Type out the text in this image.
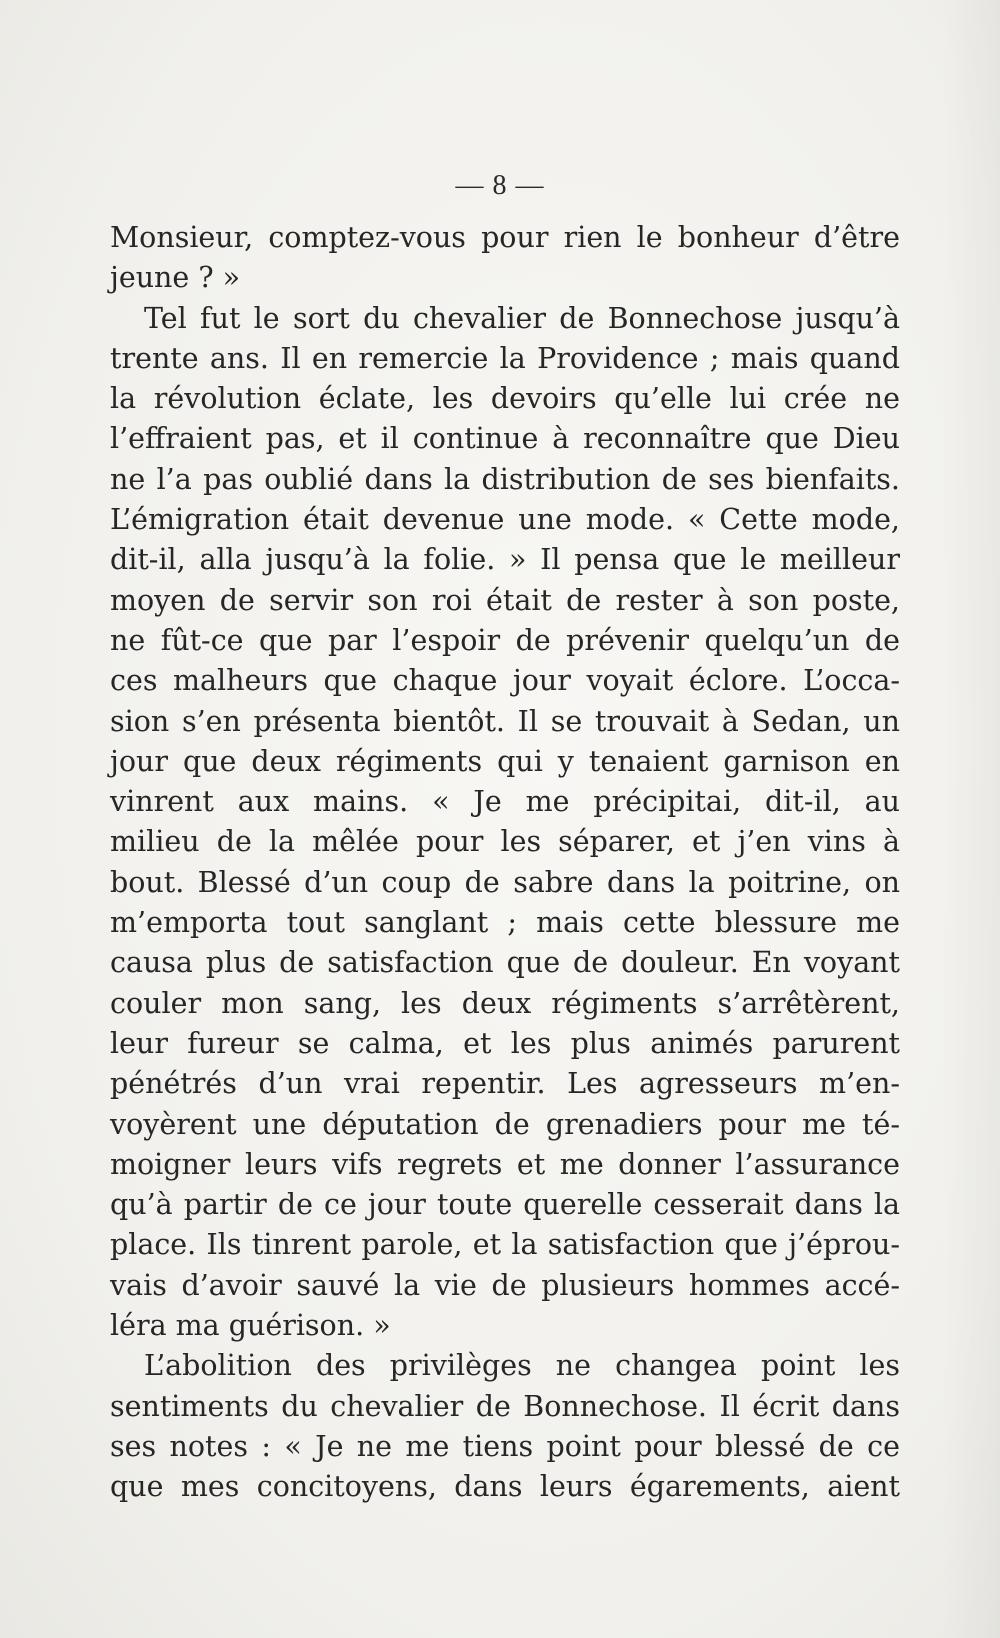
— 8 —
Monsieur, comptez-vous pour rien le bonheur d’être
jeune ? »
Tel fut le sort du chevalier de Bonnechose jusqu’à
trente ans. Il en remercie la Providence ; mais quand
la révolution éclate, les devoirs qu’elle lui crée ne
l’effraient pas, et il continue à reconnaître que Dieu
ne l’a pas oublié dans la distribution de ses bienfaits.
L’émigration était devenue une mode. « Cette mode,
dit-il, alla jusqu’à la folie. » Il pensa que le meilleur
moyen de servir son roi était de rester à son poste,
ne fût-ce que par l’espoir de prévenir quelqu’un de
ces malheurs que chaque jour voyait éclore. L’occa-
sion s’en présenta bientôt. Il se trouvait à Sedan, un
jour que deux régiments qui y tenaient garnison en
vinrent aux mains. « Je me précipitai, dit-il, au
milieu de la mêlée pour les séparer, et j’en vins à
bout. Blessé d’un coup de sabre dans la poitrine, on
m’emporta tout sanglant ; mais cette blessure me
causa plus de satisfaction que de douleur. En voyant
couler mon sang, les deux régiments s’arrêtèrent,
leur fureur se calma, et les plus animés parurent
pénétrés d’un vrai repentir. Les agresseurs m’en-
voyèrent une députation de grenadiers pour me té-
moigner leurs vifs regrets et me donner l’assurance
qu’à partir de ce jour toute querelle cesserait dans la
place. Ils tinrent parole, et la satisfaction que j’éprou-
vais d’avoir sauvé la vie de plusieurs hommes accé-
léra ma guérison. »
L’abolition des privilèges ne changea point les
sentiments du chevalier de Bonnechose. Il écrit dans
ses notes : « Je ne me tiens point pour blessé de ce
que mes concitoyens, dans leurs égarements, aient
